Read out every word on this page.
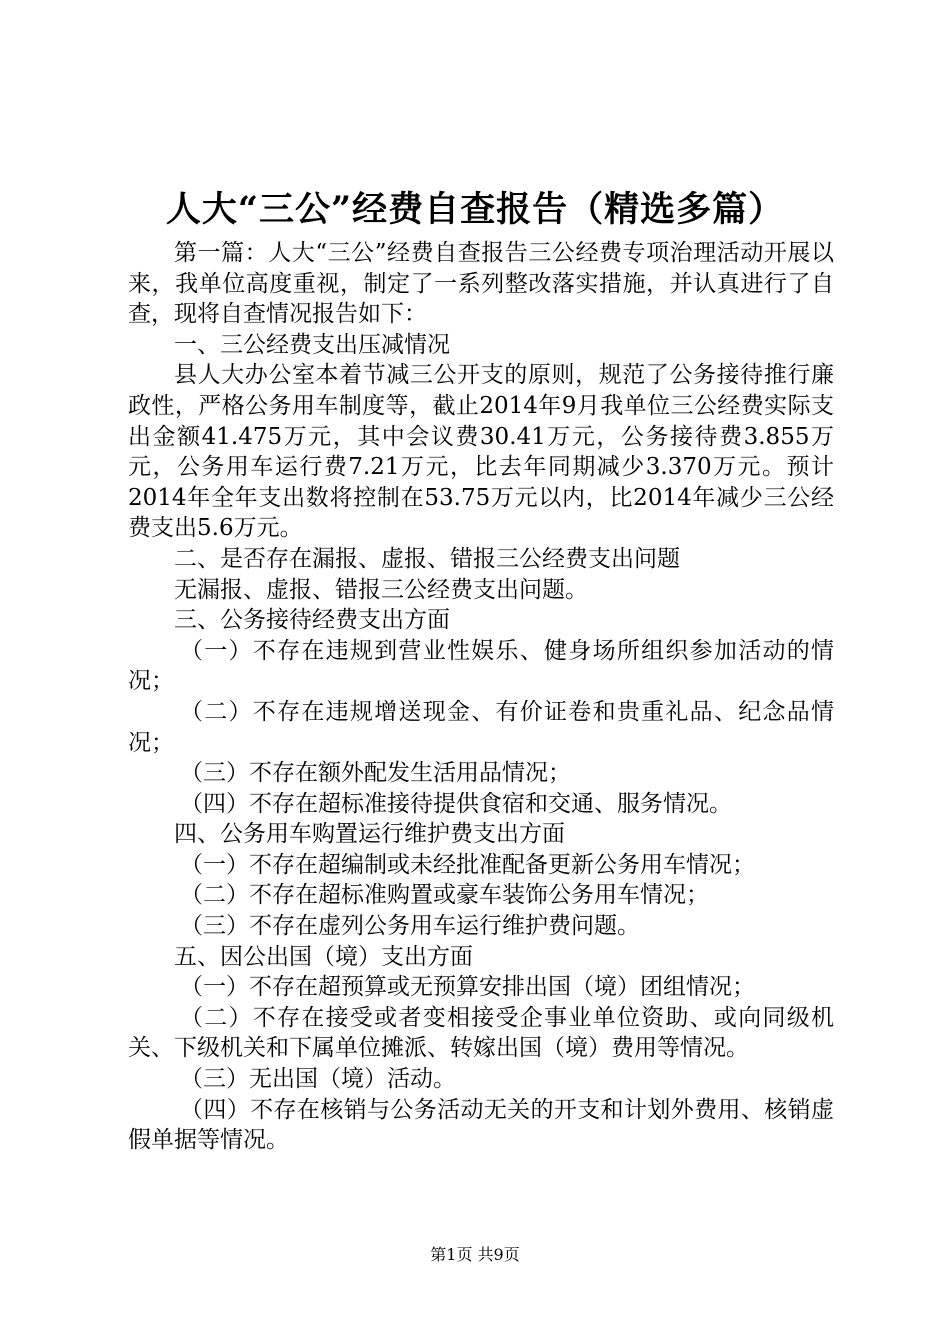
人大“三公”经费自查报告（精选多篇）

第一篇：人大“三公”经费自查报告三公经费专项治理活动开展以来，我单位高度重视，制定了一系列整改落实措施，并认真进行了自查，现将自查情况报告如下：

一、三公经费支出压减情况

县人大办公室本着节减三公开支的原则，规范了公务接待推行廉政性，严格公务用车制度等，截止2014年9月我单位三公经费实际支出金额41.475万元，其中会议费30.41万元，公务接待费3.855万元，公务用车运行费7.21万元，比去年同期减少3.370万元。预计2014年全年支出数将控制在53.75万元以内，比2014年减少三公经费支出5.6万元。

二、是否存在漏报、虚报、错报三公经费支出问题

无漏报、虚报、错报三公经费支出问题。

三、公务接待经费支出方面

（一）不存在违规到营业性娱乐、健身场所组织参加活动的情况；

（二）不存在违规增送现金、有价证卷和贵重礼品、纪念品情况；

（三）不存在额外配发生活用品情况；

（四）不存在超标准接待提供食宿和交通、服务情况。

四、公务用车购置运行维护费支出方面

（一）不存在超编制或未经批准配备更新公务用车情况；

（二）不存在超标准购置或豪车装饰公务用车情况；

（三）不存在虚列公务用车运行维护费问题。

五、因公出国（境）支出方面

（一）不存在超预算或无预算安排出国（境）团组情况；

（二）不存在接受或者变相接受企事业单位资助、或向同级机关、下级机关和下属单位摊派、转嫁出国（境）费用等情况。

（三）无出国（境）活动。

（四）不存在核销与公务活动无关的开支和计划外费用、核销虚假单据等情况。

第1页 共9页
